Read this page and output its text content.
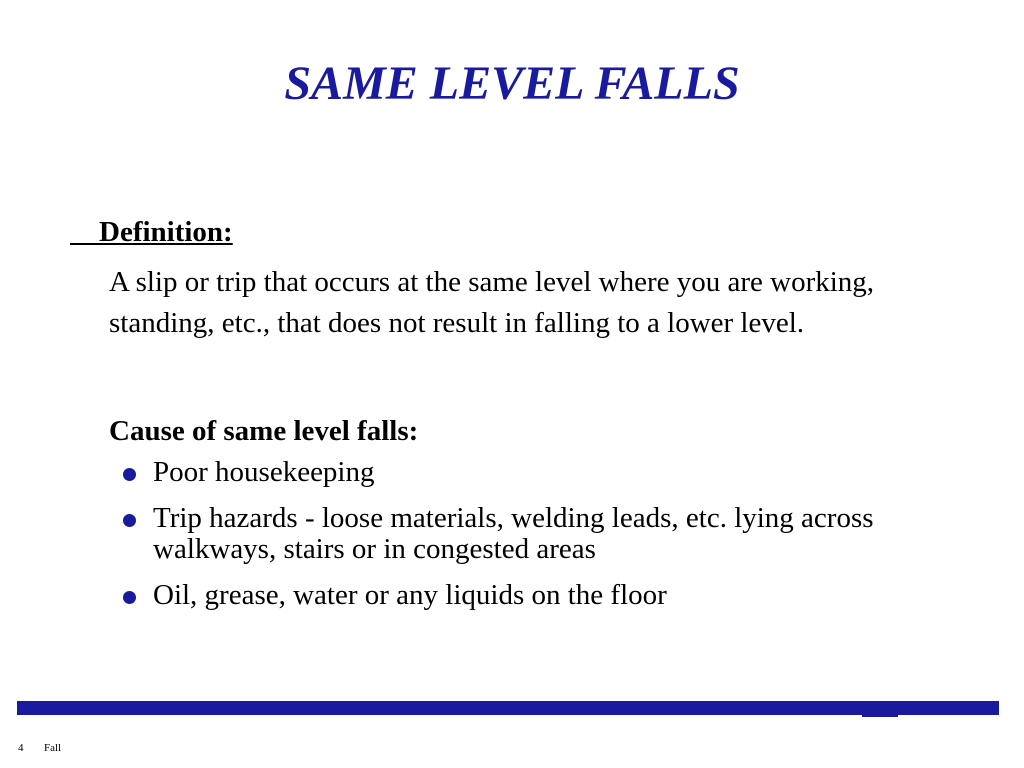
SAME LEVEL FALLS
Definition:
A slip or trip that occurs at the same level where you are working, standing, etc., that does not result in falling to a lower level.
Cause of same level falls:
Poor housekeeping
Trip hazards - loose materials, welding leads, etc. lying across walkways, stairs or in congested areas
Oil, grease, water or any liquids on the floor
4 Fall
